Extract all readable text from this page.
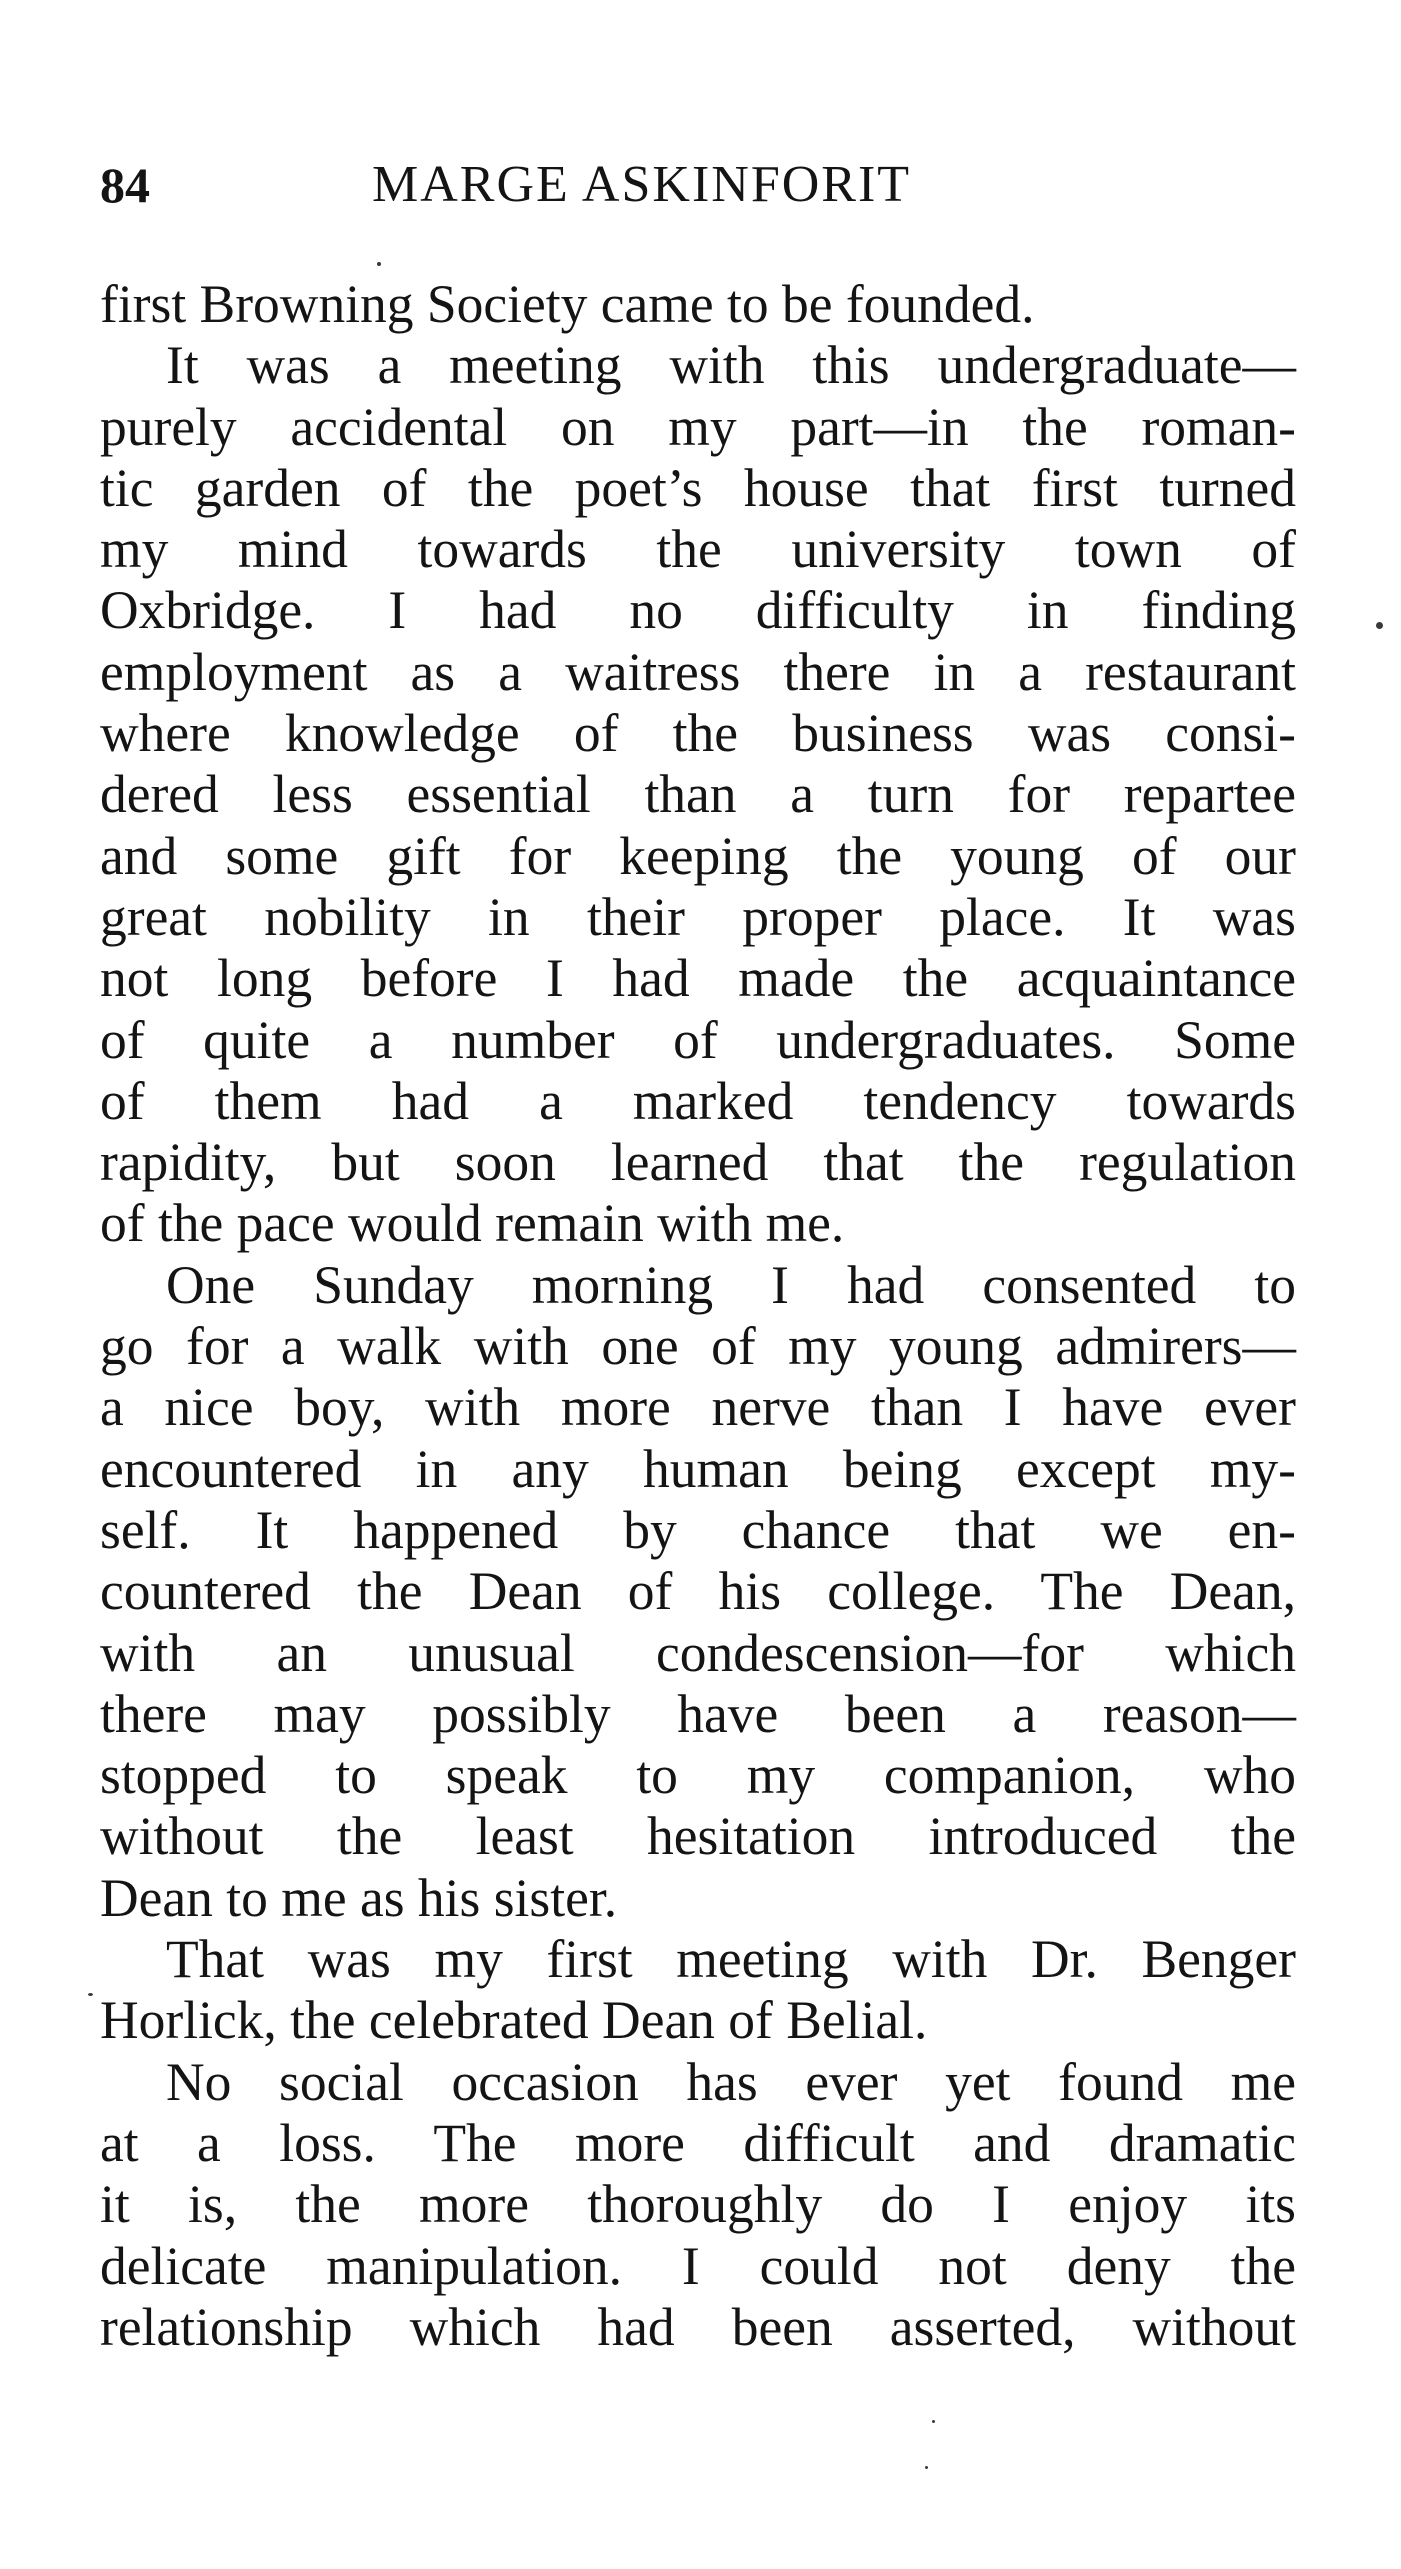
84	MARGE ASKINFORIT
first Browning Society came to be founded.
It was a meeting with this undergraduate—
purely accidental on my part—in the roman-
tic garden of the poet’s house that first turned
my mind towards the university town of
Oxbridge. I had no difficulty in finding
employment as a waitress there in a restaurant
where knowledge of the business was consi-
dered less essential than a turn for repartee
and some gift for keeping the young of our
great nobility in their proper place. It was
not long before I had made the acquaintance
of quite a number of undergraduates. Some
of them had a marked tendency towards
rapidity, but soon learned that the regulation
of the pace would remain with me.
One Sunday morning I had consented to
go for a walk with one of my young admirers—
a nice boy, with more nerve than I have ever
encountered in any human being except my-
self. It happened by chance that we en-
countered the Dean of his college. The Dean,
with an unusual condescension—for which
there may possibly have been a reason—
stopped to speak to my companion, who
without the least hesitation introduced the
Dean to me as his sister.
That was my first meeting with Dr. Benger
Horlick, the celebrated Dean of Belial.
No social occasion has ever yet found me
at a loss. The more difficult and dramatic
it is, the more thoroughly do I enjoy its
delicate manipulation. I could not deny the
relationship which had been asserted, without
